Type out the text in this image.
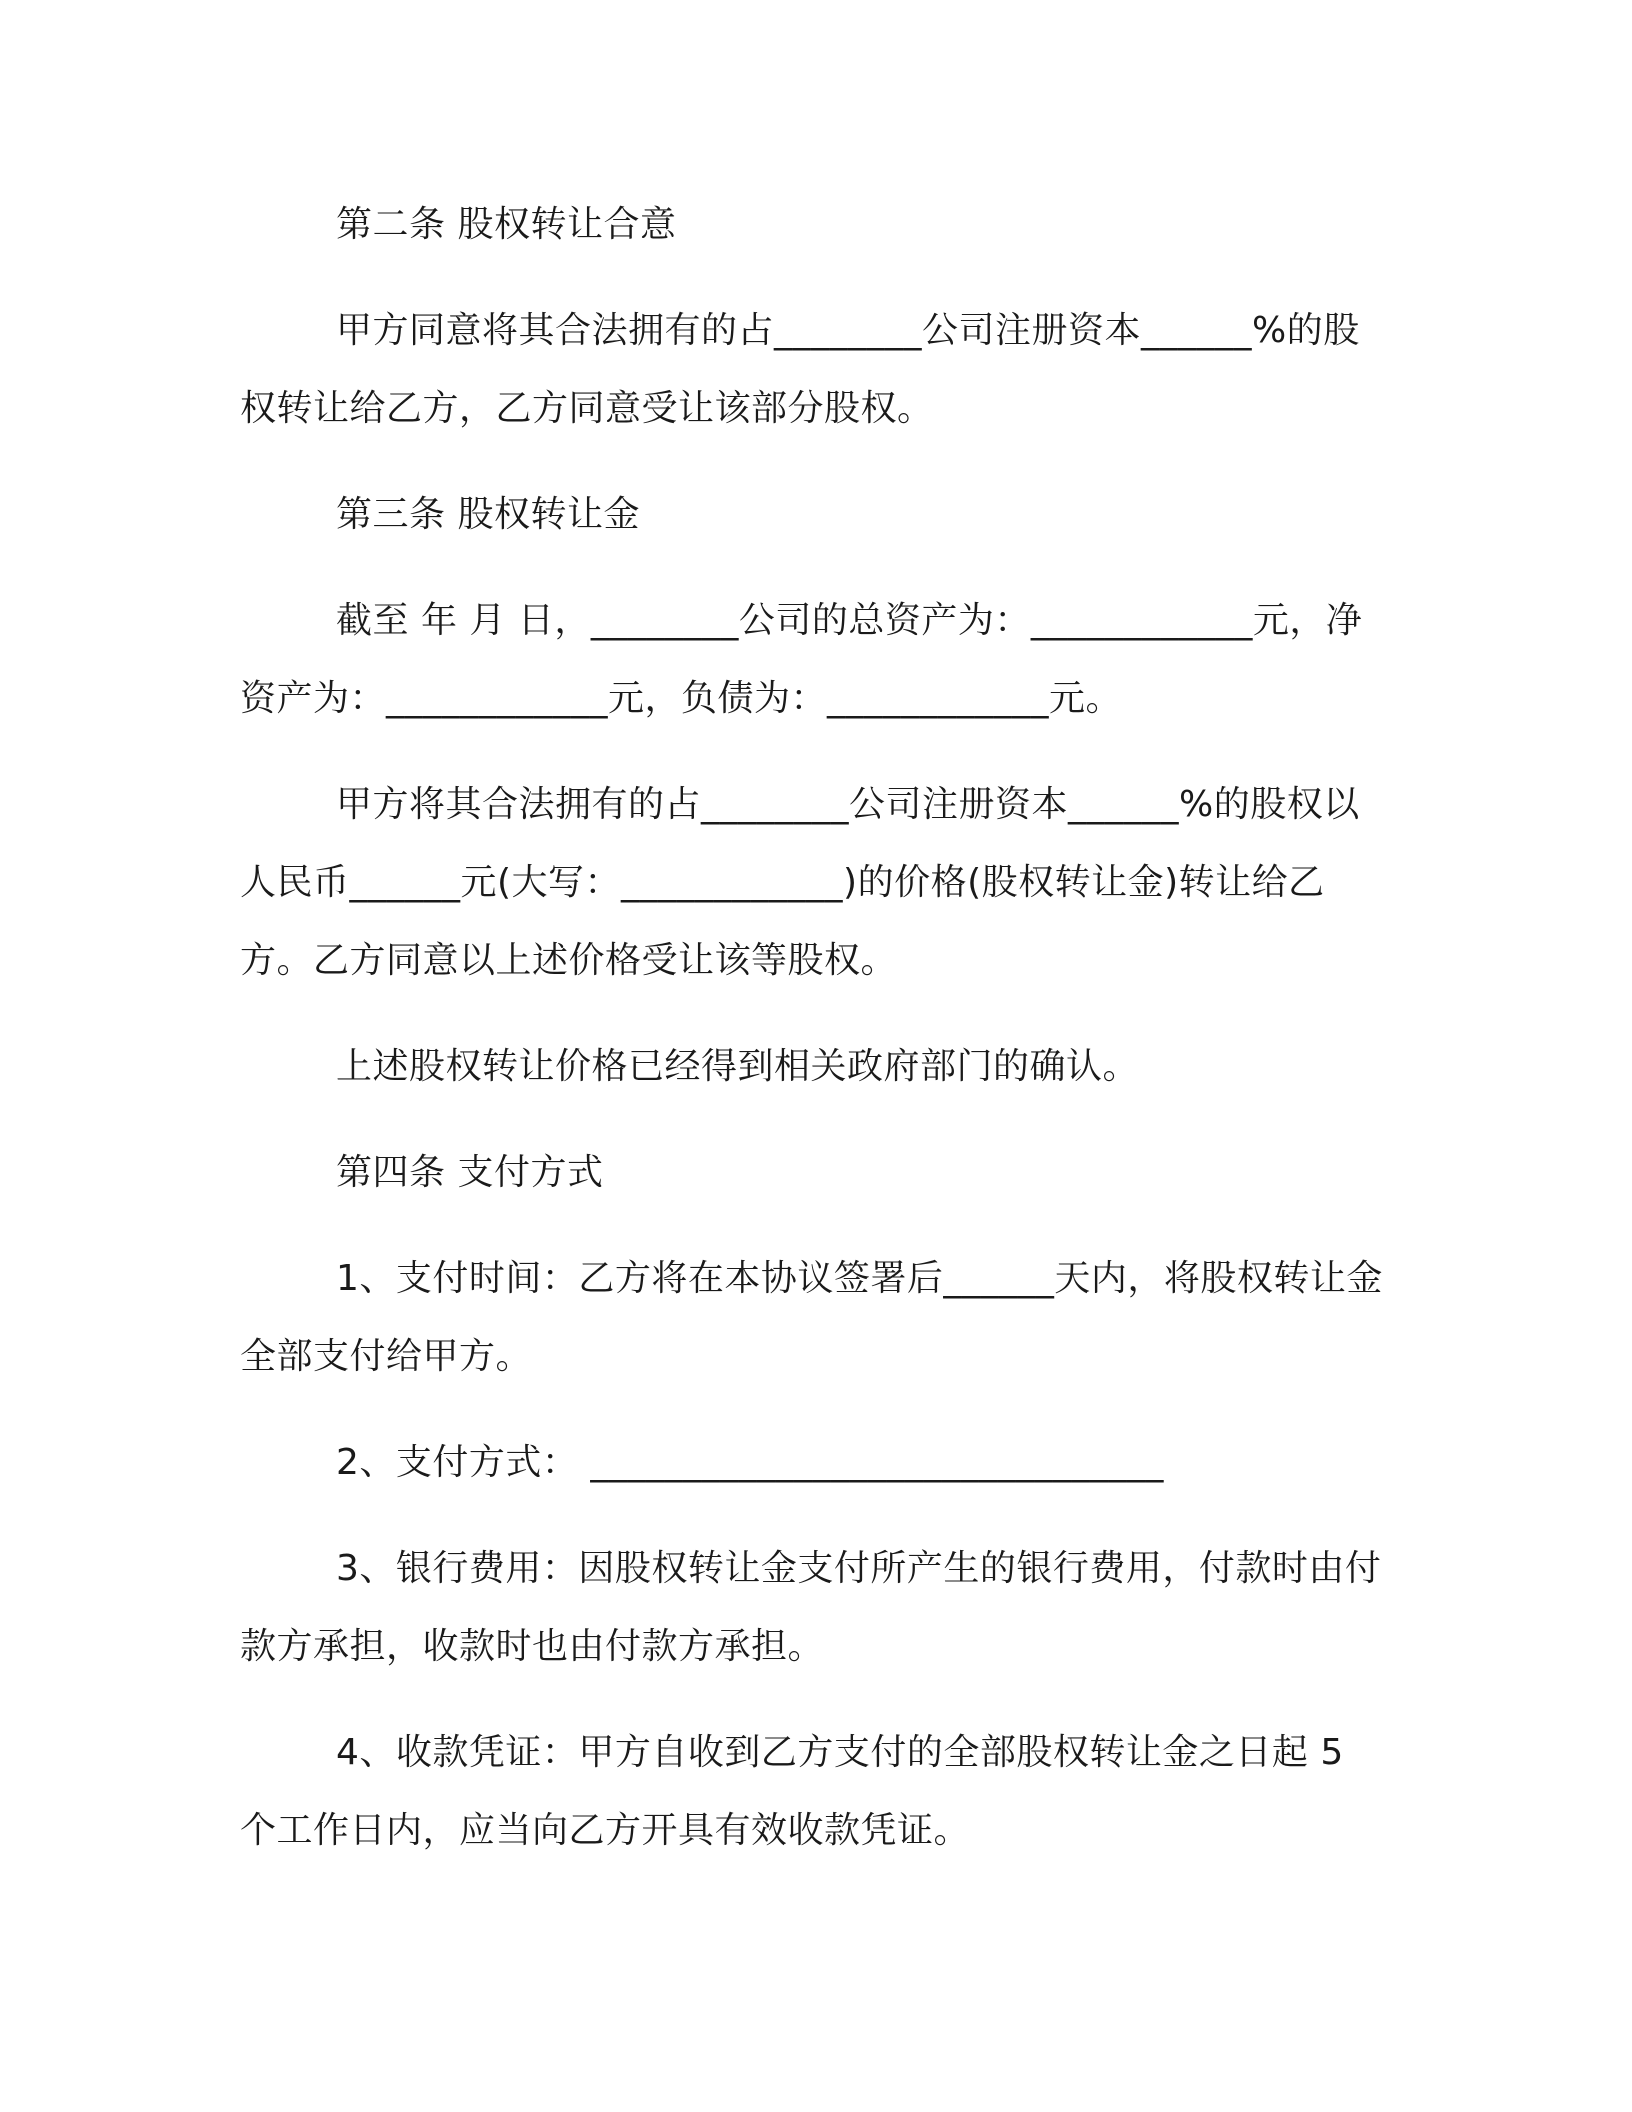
第二条 股权转让合意

甲方同意将其合法拥有的占________公司注册资本______%的股权转让给乙方，乙方同意受让该部分股权。

第三条 股权转让金

截至 年 月 日，________公司的总资产为：____________元，净资产为：____________元，负债为：____________元。

甲方将其合法拥有的占________公司注册资本______%的股权以人民币______元(大写：____________)的价格(股权转让金)转让给乙方。乙方同意以上述价格受让该等股权。

上述股权转让价格已经得到相关政府部门的确认。

第四条 支付方式

1、支付时间：乙方将在本协议签署后______天内，将股权转让金全部支付给甲方。

2、支付方式： _______________________________

3、银行费用：因股权转让金支付所产生的银行费用，付款时由付款方承担，收款时也由付款方承担。

4、收款凭证：甲方自收到乙方支付的全部股权转让金之日起 5 个工作日内，应当向乙方开具有效收款凭证。
